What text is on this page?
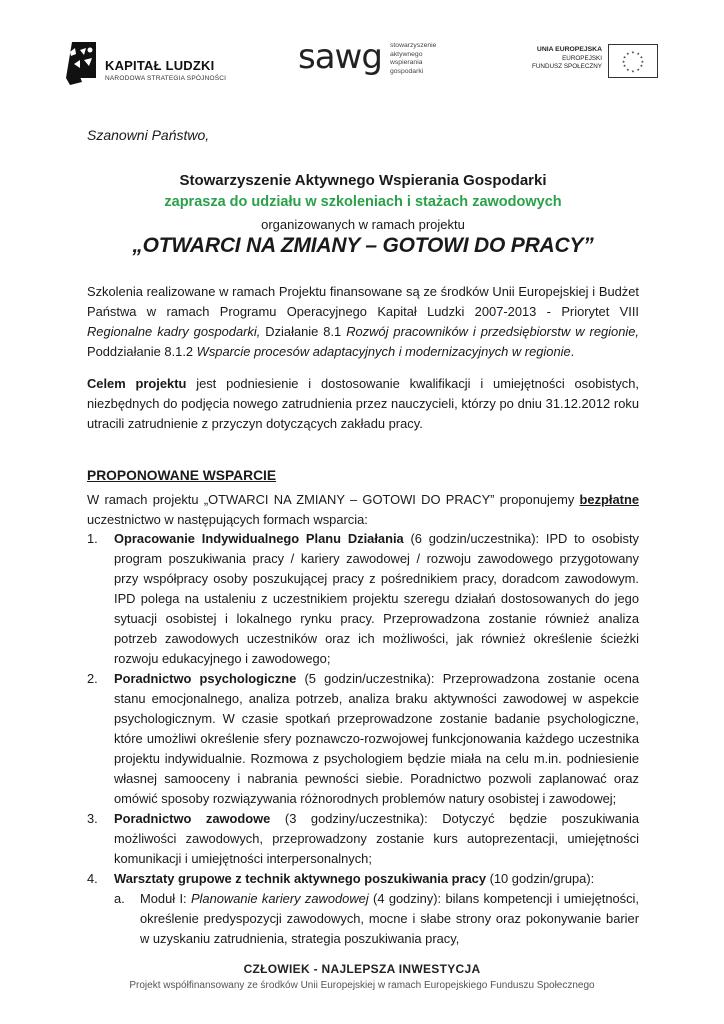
KAPITAŁ LUDZKI
NARODOWA STRATEGIA SPÓJNOŚCI
sawg stowarzyszenie
aktywnego
wspierania
gospodarki
UNIA EUROPEJSKA
EUROPEJSKI
FUNDUSZ SPOŁECZNY
★ ★
★
★
★
★
★
★
★
★
★
★
Szanowni Państwo,
Stowarzyszenie Aktywnego Wspierania Gospodarki
zaprasza do udziału w szkoleniach i stażach zawodowych
organizowanych w ramach projektu
„OTWARCI NA ZMIANY – GOTOWI DO PRACY”
Szkolenia realizowane w ramach Projektu finansowane są ze środków Unii Europejskiej i Budżet Państwa w ramach Programu Operacyjnego Kapitał Ludzki 2007-2013 - Priorytet VIII Regionalne kadry gospodarki, Działanie 8.1 Rozwój pracowników i przedsiębiorstw w regionie, Poddziałanie 8.1.2 Wsparcie procesów adaptacyjnych i modernizacyjnych w regionie.
Celem projektu jest podniesienie i dostosowanie kwalifikacji i umiejętności osobistych, niezbędnych do podjęcia nowego zatrudnienia przez nauczycieli, którzy po dniu 31.12.2012 roku utracili zatrudnienie z przyczyn dotyczących zakładu pracy.
PROPONOWANE WSPARCIE
W ramach projektu „OTWARCI NA ZMIANY – GOTOWI DO PRACY” proponujemy bezpłatne uczestnictwo w następujących formach wsparcia:
1. Opracowanie Indywidualnego Planu Działania (6 godzin/uczestnika): IPD to osobisty program poszukiwania pracy / kariery zawodowej / rozwoju zawodowego przygotowany przy współpracy osoby poszukującej pracy z pośrednikiem pracy, doradcom zawodowym. IPD polega na ustaleniu z uczestnikiem projektu szeregu działań dostosowanych do jego sytuacji osobistej i lokalnego rynku pracy. Przeprowadzona zostanie również analiza potrzeb zawodowych uczestników oraz ich możliwości, jak również określenie ścieżki rozwoju edukacyjnego i zawodowego;
2. Poradnictwo psychologiczne (5 godzin/uczestnika): Przeprowadzona zostanie ocena stanu emocjonalnego, analiza potrzeb, analiza braku aktywności zawodowej w aspekcie psychologicznym. W czasie spotkań przeprowadzone zostanie badanie psychologiczne, które umożliwi określenie sfery poznawczo-rozwojowej funkcjonowania każdego uczestnika projektu indywidualnie. Rozmowa z psychologiem będzie miała na celu m.in. podniesienie własnej samooceny i nabrania pewności siebie. Poradnictwo pozwoli zaplanować oraz omówić sposoby rozwiązywania różnorodnych problemów natury osobistej i zawodowej;
3. Poradnictwo zawodowe (3 godziny/uczestnika): Dotyczyć będzie poszukiwania możliwości zawodowych, przeprowadzony zostanie kurs autoprezentacji, umiejętności komunikacji i umiejętności interpersonalnych;
4. Warsztaty grupowe z technik aktywnego poszukiwania pracy (10 godzin/grupa):
a. Moduł I: Planowanie kariery zawodowej (4 godziny): bilans kompetencji i umiejętności, określenie predyspozycji zawodowych, mocne i słabe strony oraz pokonywanie barier w uzyskaniu zatrudnienia, strategia poszukiwania pracy,
CZŁOWIEK - NAJLEPSZA INWESTYCJA
Projekt współfinansowany ze środków Unii Europejskiej w ramach Europejskiego Funduszu Społecznego
